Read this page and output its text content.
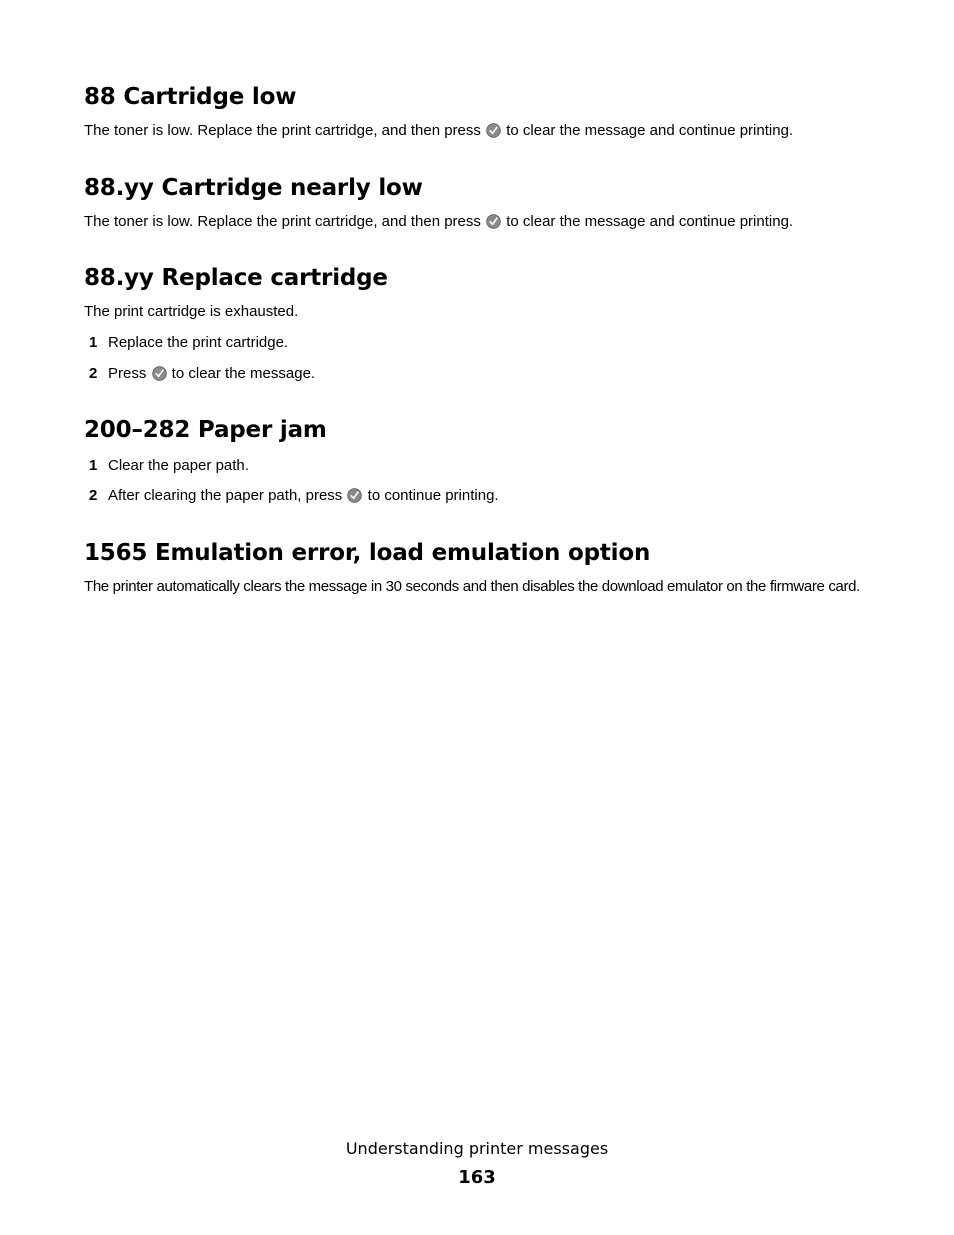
88 Cartridge low

The toner is low. Replace the print cartridge, and then press  to clear the message and continue printing.

88.yy Cartridge nearly low

The toner is low. Replace the print cartridge, and then press  to clear the message and continue printing.

88.yy Replace cartridge

The print cartridge is exhausted.

1 Replace the print cartridge.
2 Press  to clear the message.
200–282 Paper jam
1 Clear the paper path.
2 After clearing the paper path, press  to continue printing.
1565 Emulation error, load emulation option

The printer automatically clears the message in 30 seconds and then disables the download emulator on the firmware card.

Understanding printer messages
163
